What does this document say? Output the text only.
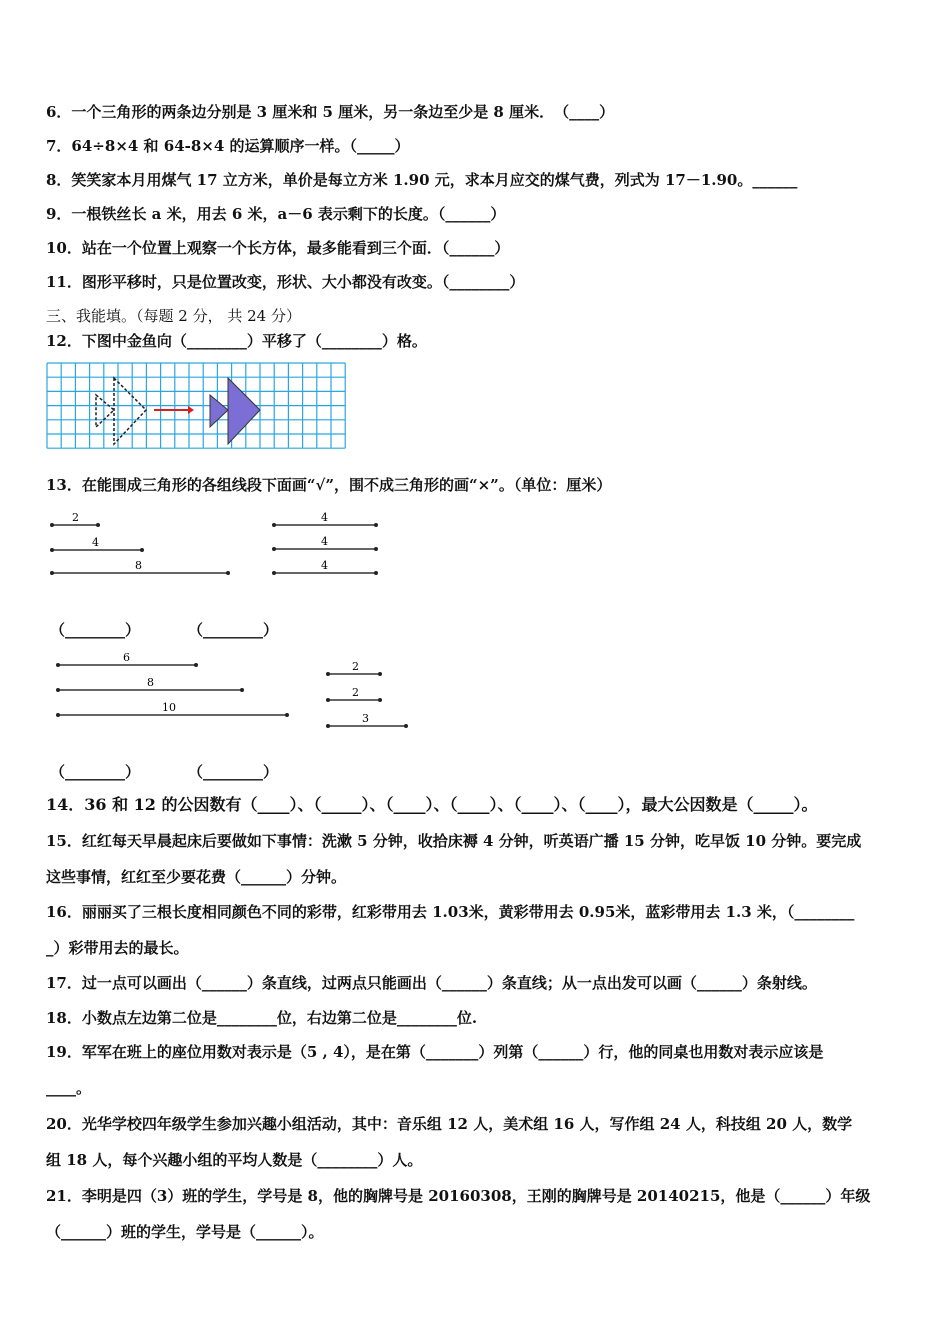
6．一个三角形的两条边分别是 3 厘米和 5 厘米，另一条边至少是 8 厘米．　（____）
7．64÷8×4 和 64-8×4 的运算顺序一样。（_____）
8．笑笑家本月用煤气 17 立方米，单价是每立方米 1.90 元，求本月应交的煤气费，列式为 17－1.90。______
9．一根铁丝长 a 米，用去 6 米，a－6 表示剩下的长度。（______）
10．站在一个位置上观察一个长方体，最多能看到三个面．（______）
11．图形平移时，只是位置改变，形状、大小都没有改变。（________）
三、我能填。（每题 2 分， 共 24 分）
12．下图中金鱼向（________）平移了（________）格。
13．在能围成三角形的各组线段下面画“√”，围不成三角形的画“×”。（单位：厘米）
2
4
8
4
4
4
（________）	（________）
6
8
10
2
2
3
（________）	（________）
14．36 和 12 的公因数有（____）、（_____）、（____）、（____）、（____）、（____），最大公因数是（_____）。
15．红红每天早晨起床后要做如下事情：洗漱 5 分钟，收拾床褥 4 分钟，听英语广播 15 分钟，吃早饭 10 分钟。要完成
这些事情，红红至少要花费（______）分钟。
16．丽丽买了三根长度相同颜色不同的彩带，红彩带用去 1.03米，黄彩带用去 0.95米，蓝彩带用去 1.3 米，（________
_）彩带用去的最长。
17．过一点可以画出（______）条直线，过两点只能画出（______）条直线；从一点出发可以画（______）条射线。
18．小数点左边第二位是________位，右边第二位是________位.
19．军军在班上的座位用数对表示是（5 , 4），是在第（_______）列第（______）行，他的同桌也用数对表示应该是
____。
20．光华学校四年级学生参加兴趣小组活动，其中：音乐组 12 人，美术组 16 人，写作组 24 人，科技组 20 人，数学
组 18 人，每个兴趣小组的平均人数是（________）人。
21．李明是四（3）班的学生，学号是 8，他的胸牌号是 20160308，王刚的胸牌号是 20140215，他是（______）年级
（______）班的学生，学号是（______）。
